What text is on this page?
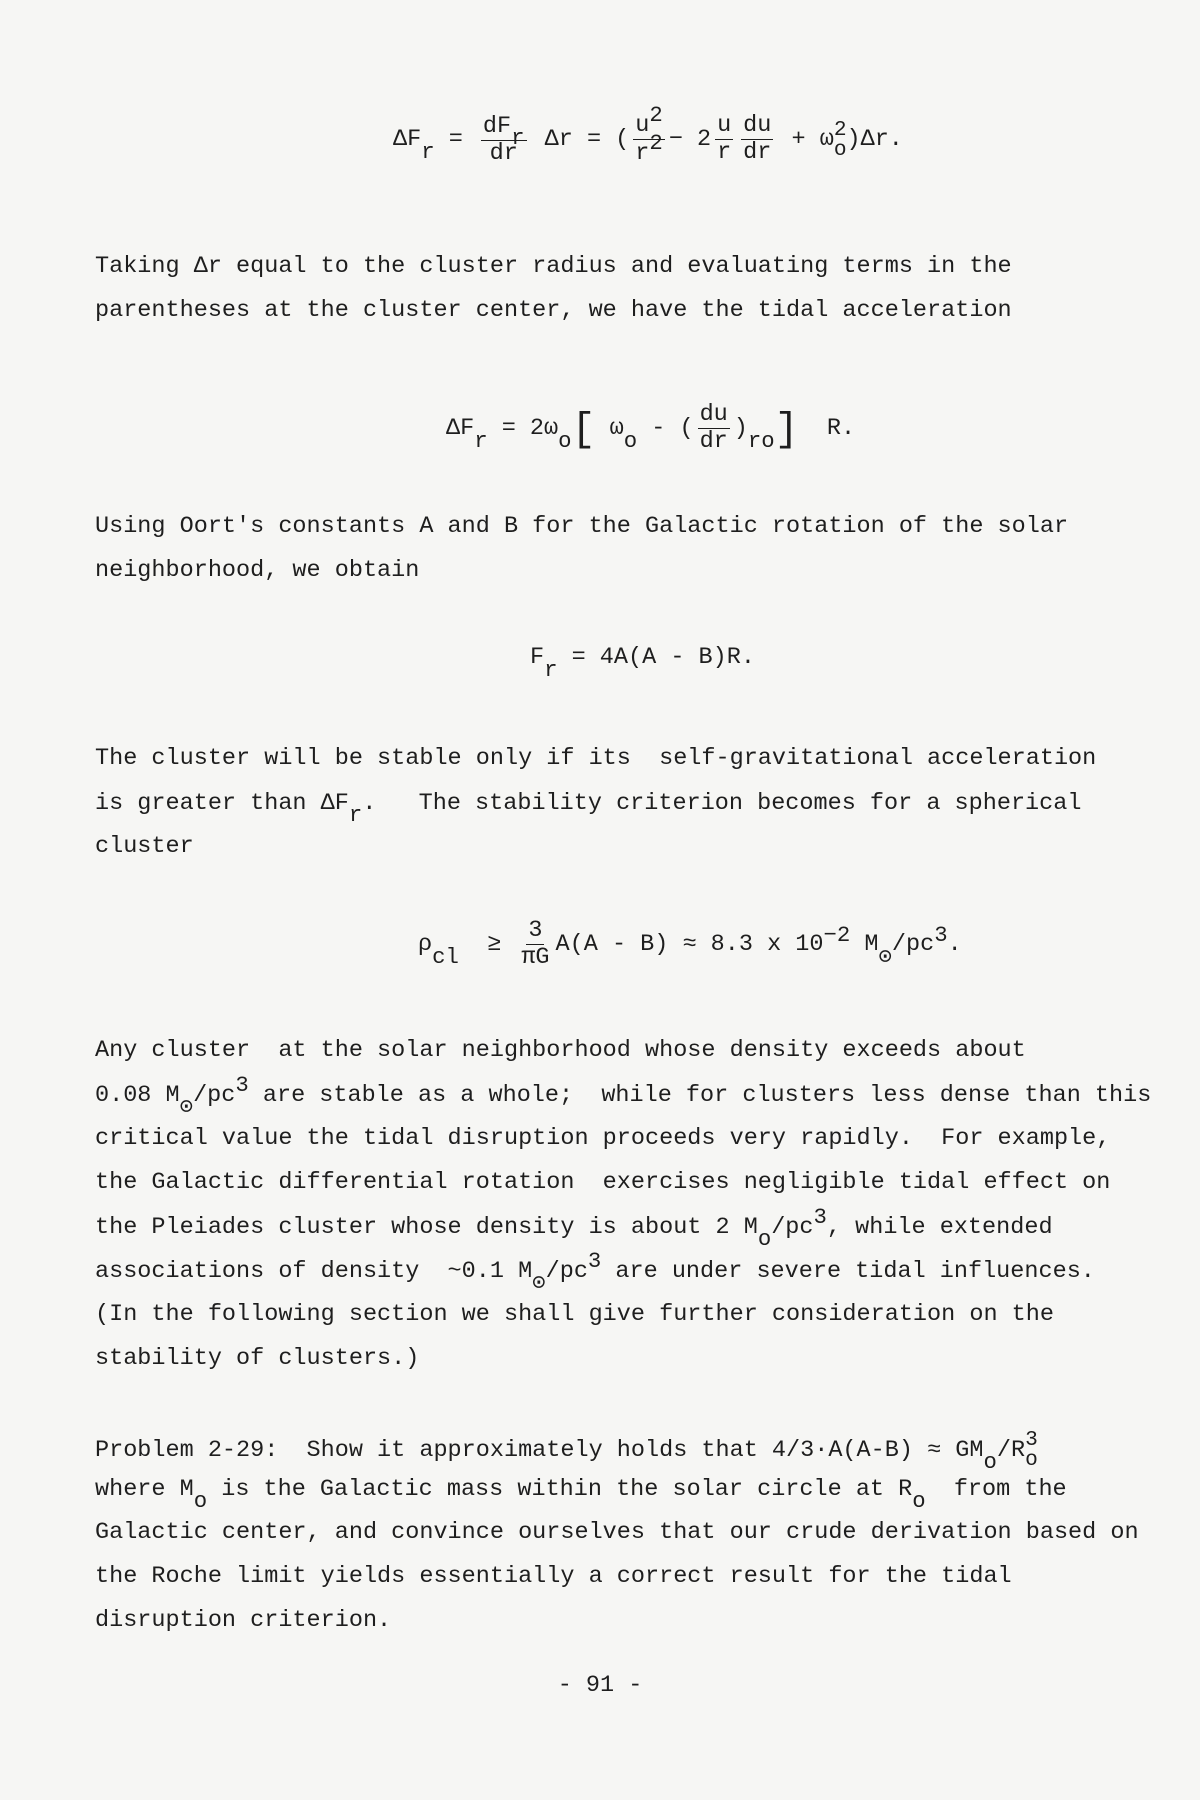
ΔF $r = \frac{\text{dFr}}{dr}$ Δr = ( $\frac{u2}{r2} - 2 \frac{u}{r} \frac{du}{dr} + \omega$ 2
o )Δr.
Taking Δr equal to the cluster radius and evaluating terms in the
parentheses at the cluster center, we have the tidal acceleration
ΔF r = 2ω o [ ω o - ( $\frac{du}{dr}$ ) r o ] R.
Using Oort's constants A and B for the Galactic rotation of the solar
neighborhood, we obtain
F r = 4A(A - B)R.
The cluster will be stable only if its  self-gravitational acceleration
is greater than ΔFr.   The stability criterion becomes for a spherical
cluster
ρ cl ≥ $\frac{3}{\pi G} A(A - B) \approx 8.3$ x 10 −2 M ⊙ /pc 3 .
Any cluster  at the solar neighborhood whose density exceeds about
0.08 M⊙/pc3 are stable as a whole;  while for clusters less dense than this
critical value the tidal disruption proceeds very rapidly.  For example,
the Galactic differential rotation  exercises negligible tidal effect on
the Pleiades cluster whose density is about 2 Mo/pc3, while extended
associations of density  ~0.1 M⊙/pc3 are under severe tidal influences.
(In the following section we shall give further consideration on the
stability of clusters.)
Problem 2-29:  Show it approximately holds that 4/3·A(A-B) ≈ GMo/R 3
o
where Mo is the Galactic mass within the solar circle at Ro  from the
Galactic center, and convince ourselves that our crude derivation based on
the Roche limit yields essentially a correct result for the tidal
disruption criterion.
- 91 -
